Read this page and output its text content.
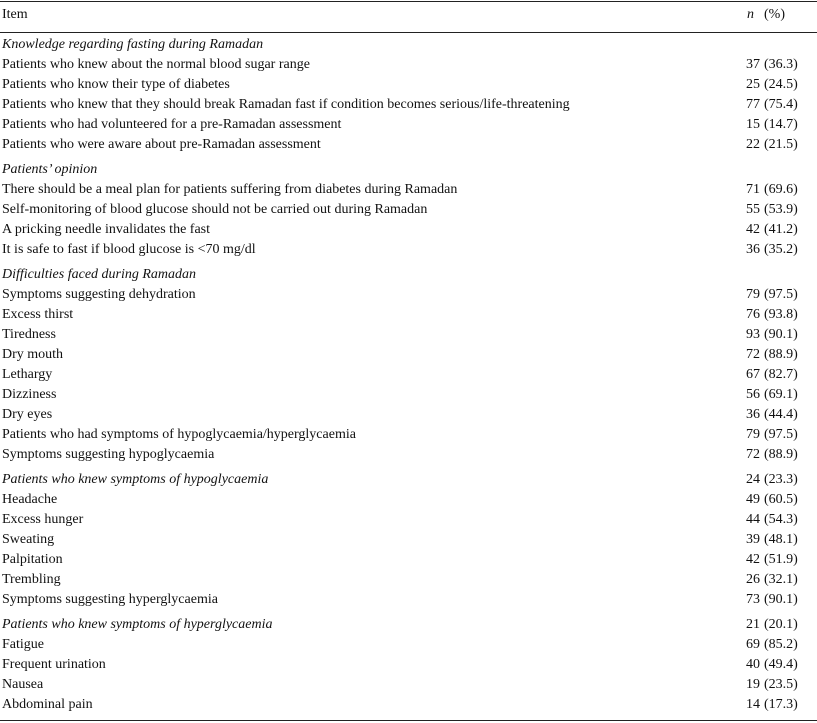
Item	n (%)
Knowledge regarding fasting during Ramadan
Patients who knew about the normal blood sugar range	37 (36.3)
Patients who know their type of diabetes	25 (24.5)
Patients who knew that they should break Ramadan fast if condition becomes serious/life-threatening	77 (75.4)
Patients who had volunteered for a pre-Ramadan assessment	15 (14.7)
Patients who were aware about pre-Ramadan assessment	22 (21.5)
Patients’ opinion
There should be a meal plan for patients suffering from diabetes during Ramadan	71 (69.6)
Self-monitoring of blood glucose should not be carried out during Ramadan	55 (53.9)
A pricking needle invalidates the fast	42 (41.2)
It is safe to fast if blood glucose is <70 mg/dl	36 (35.2)
Difficulties faced during Ramadan
Symptoms suggesting dehydration	79 (97.5)
Excess thirst	76 (93.8)
Tiredness	93 (90.1)
Dry mouth	72 (88.9)
Lethargy	67 (82.7)
Dizziness	56 (69.1)
Dry eyes	36 (44.4)
Patients who had symptoms of hypoglycaemia/hyperglycaemia	79 (97.5)
Symptoms suggesting hypoglycaemia	72 (88.9)
Patients who knew symptoms of hypoglycaemia	24 (23.3)
Headache	49 (60.5)
Excess hunger	44 (54.3)
Sweating	39 (48.1)
Palpitation	42 (51.9)
Trembling	26 (32.1)
Symptoms suggesting hyperglycaemia	73 (90.1)
Patients who knew symptoms of hyperglycaemia	21 (20.1)
Fatigue	69 (85.2)
Frequent urination	40 (49.4)
Nausea	19 (23.5)
Abdominal pain	14 (17.3)
